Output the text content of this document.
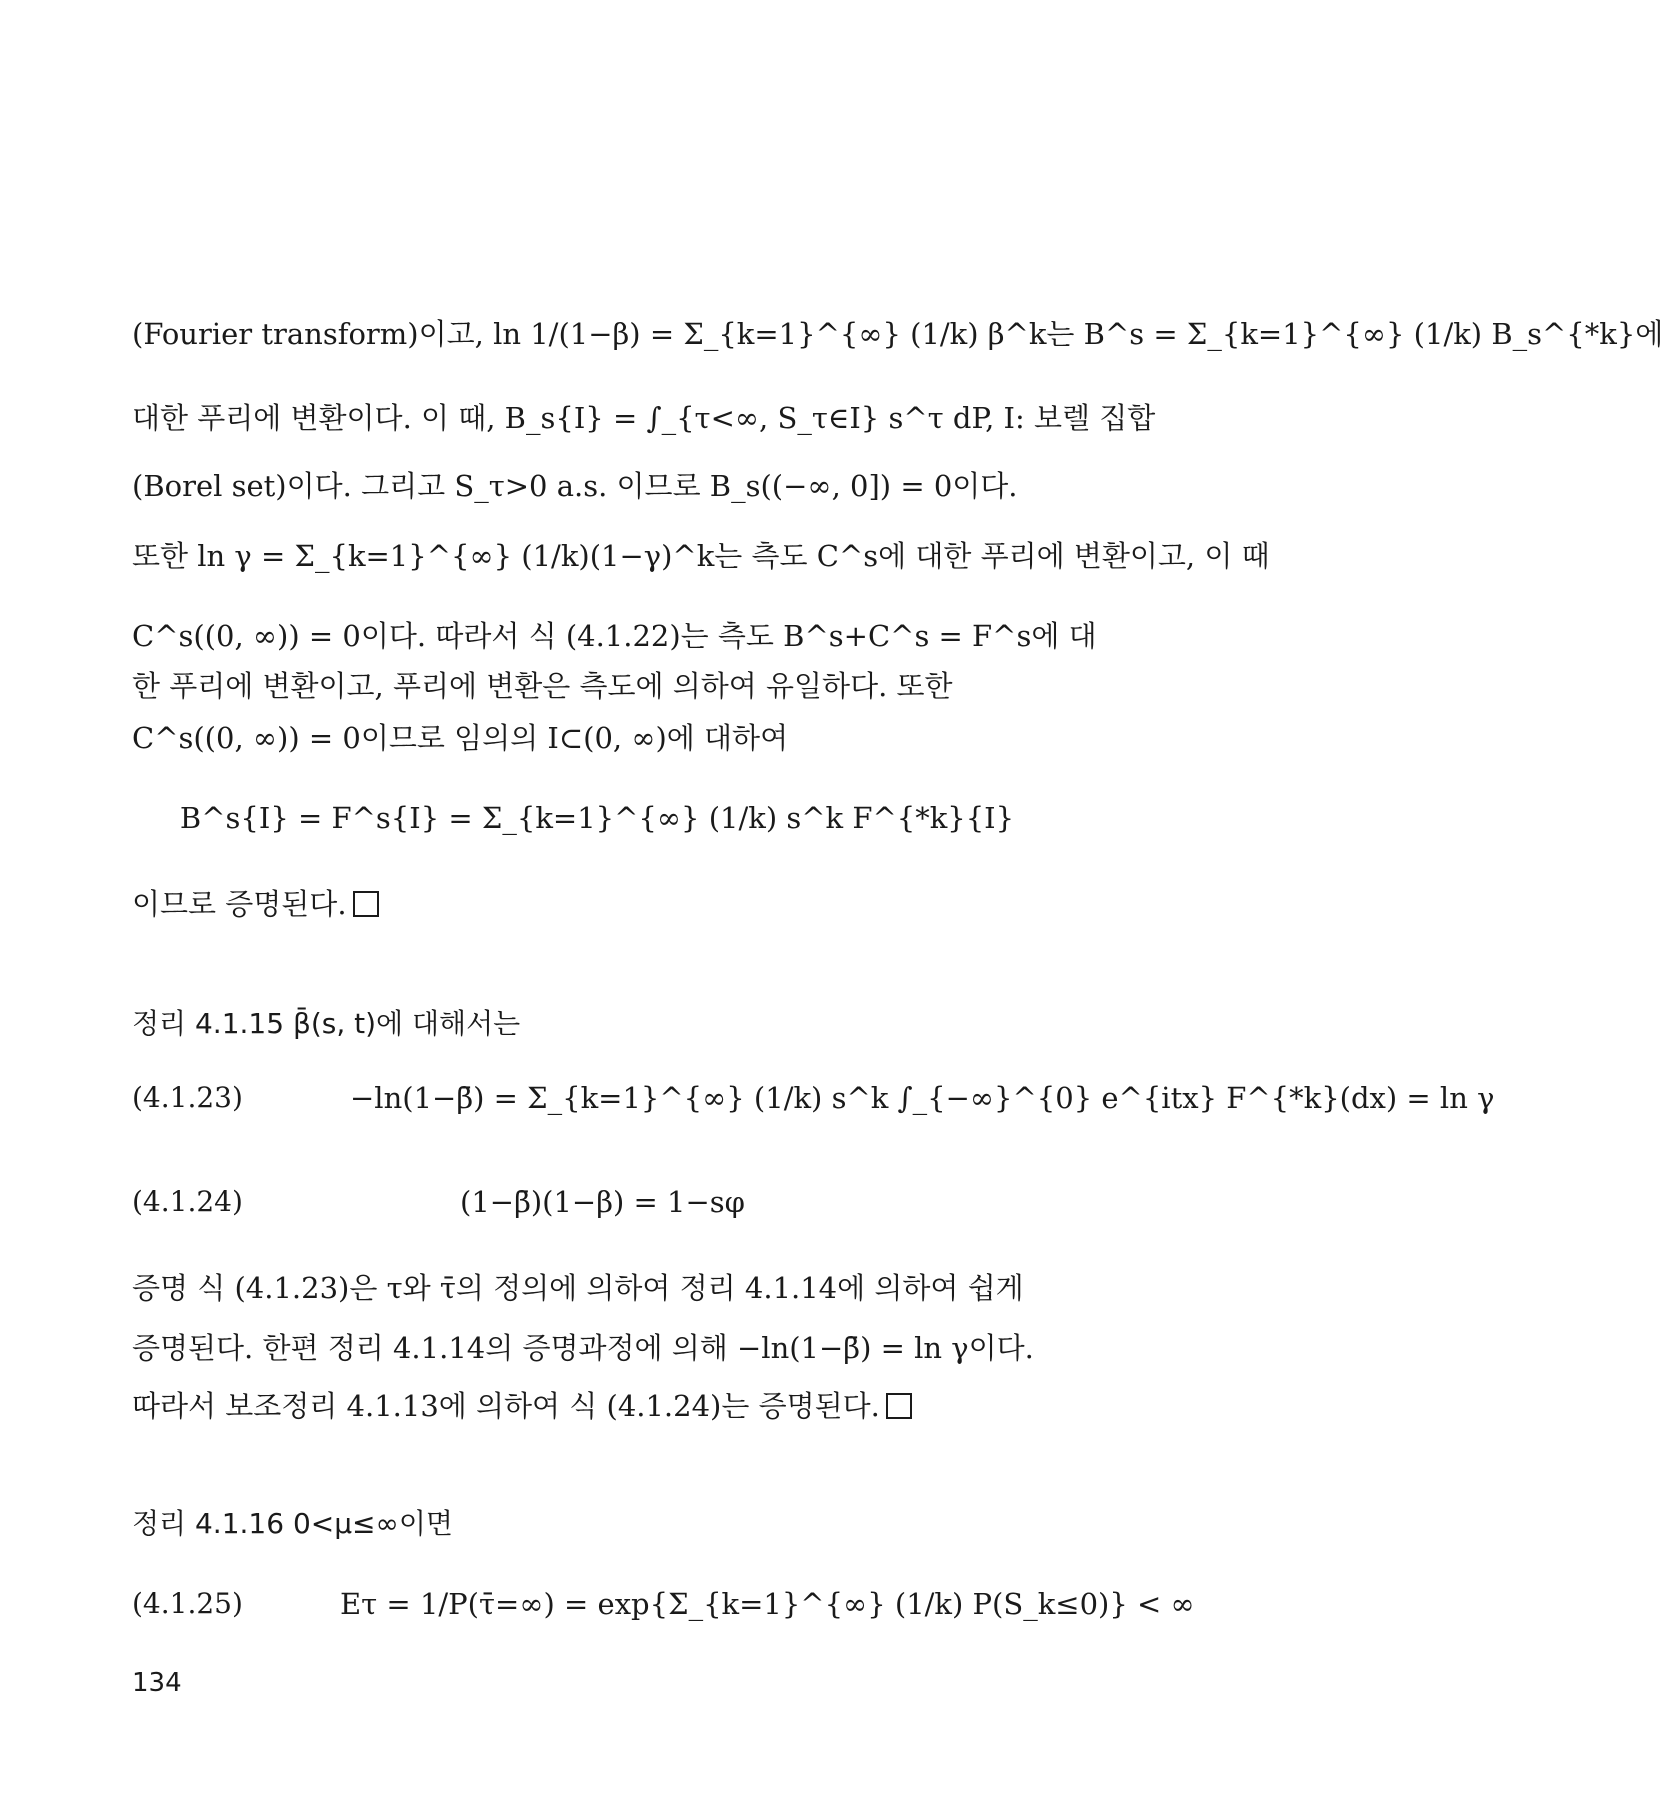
(Fourier transform)이고, ln 1/(1−β) = Σ_{k=1}^{∞} (1/k) β^k는 B^s = Σ_{k=1}^{∞} (1/k) B_s^{*k}에
대한 푸리에 변환이다. 이 때, B_s{I} = ∫_{τ<∞, S_τ∈I} s^τ dP, I: 보렐 집합
(Borel set)이다. 그리고 S_τ>0 a.s. 이므로 B_s((−∞, 0]) = 0이다.
또한 ln γ = Σ_{k=1}^{∞} (1/k)(1−γ)^k는 측도 C^s에 대한 푸리에 변환이고, 이 때
C^s((0, ∞)) = 0이다. 따라서 식 (4.1.22)는 측도 B^s+C^s = F^s에 대
한 푸리에 변환이고, 푸리에 변환은 측도에 의하여 유일하다. 또한
C^s((0, ∞)) = 0이므로 임의의 I⊂(0, ∞)에 대하여
B^s{I} = F^s{I} = Σ_{k=1}^{∞} (1/k) s^k F^{*k}{I}
이므로 증명된다.
정리 4.1.15 β̄(s, t)에 대해서는
(4.1.23)	−ln(1−β̄) = Σ_{k=1}^{∞} (1/k) s^k ∫_{−∞}^{0} e^{itx} F^{*k}(dx) = ln γ
(4.1.24)	(1−β̄)(1−β) = 1−sφ
증명 식 (4.1.23)은 τ와 τ̄의 정의에 의하여 정리 4.1.14에 의하여 쉽게
증명된다. 한편 정리 4.1.14의 증명과정에 의해 −ln(1−β̄) = ln γ이다.
따라서 보조정리 4.1.13에 의하여 식 (4.1.24)는 증명된다.
정리 4.1.16 0<μ≤∞이면
(4.1.25)	Eτ = 1/P(τ̄=∞) = exp{Σ_{k=1}^{∞} (1/k) P(S_k≤0)} < ∞
134
